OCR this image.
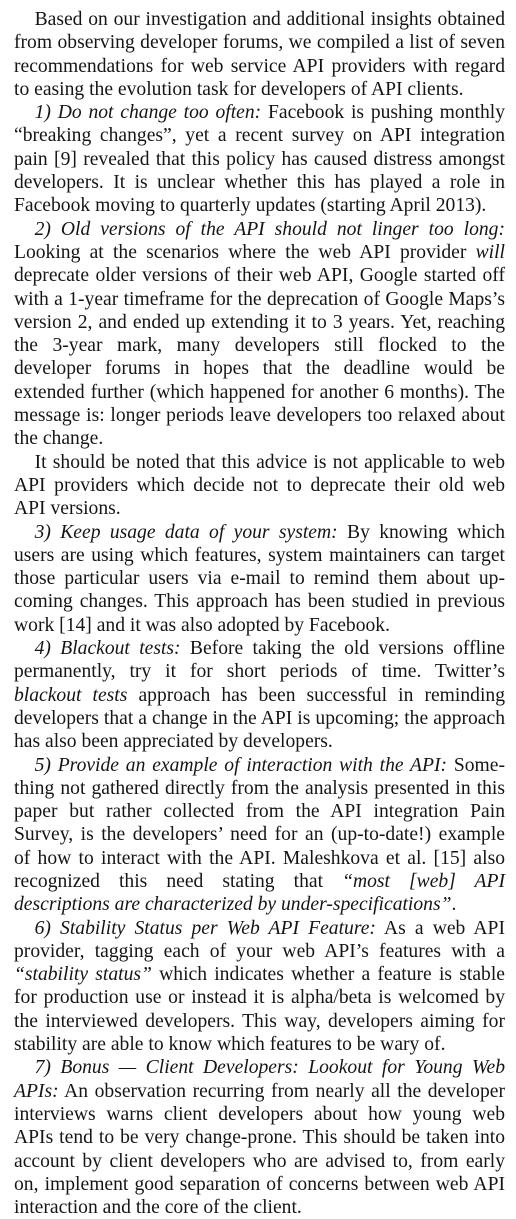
Based on our investigation and additional insights obtained from observing developer forums, we compiled a list of seven recommendations for web service API providers with regard to easing the evolution task for developers of API clients.

1) Do not change too often: Facebook is pushing monthly “breaking changes”, yet a recent survey on API integration pain [9] revealed that this policy has caused distress amongst developers. It is unclear whether this has played a role in Facebook moving to quarterly updates (starting April 2013).

2) Old versions of the API should not linger too long: Looking at the scenarios where the web API provider will deprecate older versions of their web API, Google started off with a 1-year timeframe for the deprecation of Google Maps’s version 2, and ended up extending it to 3 years. Yet, reaching the 3-year mark, many developers still flocked to the developer forums in hopes that the deadline would be extended further (which happened for another 6 months). The message is: longer periods leave developers too relaxed about the change.

It should be noted that this advice is not applicable to web API providers which decide not to deprecate their old web API versions.

3) Keep usage data of your system: By knowing which users are using which features, system maintainers can target those particular users via e-mail to remind them about up-coming changes. This approach has been studied in previous work [14] and it was also adopted by Facebook.

4) Blackout tests: Before taking the old versions offline permanently, try it for short periods of time. Twitter’s blackout tests approach has been successful in reminding developers that a change in the API is upcoming; the approach has also been appreciated by developers.

5) Provide an example of interaction with the API: Some-thing not gathered directly from the analysis presented in this paper but rather collected from the API integration Pain Survey, is the developers’ need for an (up-to-date!) example of how to interact with the API. Maleshkova et al. [15] also recognized this need stating that “most [web] API descriptions are characterized by under-specifications”.

6) Stability Status per Web API Feature: As a web API provider, tagging each of your web API’s features with a “stability status” which indicates whether a feature is stable for production use or instead it is alpha/beta is welcomed by the interviewed developers. This way, developers aiming for stability are able to know which features to be wary of.

7) Bonus — Client Developers: Lookout for Young Web APIs: An observation recurring from nearly all the developer interviews warns client developers about how young web APIs tend to be very change-prone. This should be taken into account by client developers who are advised to, from early on, implement good separation of concerns between web API interaction and the core of the client.
